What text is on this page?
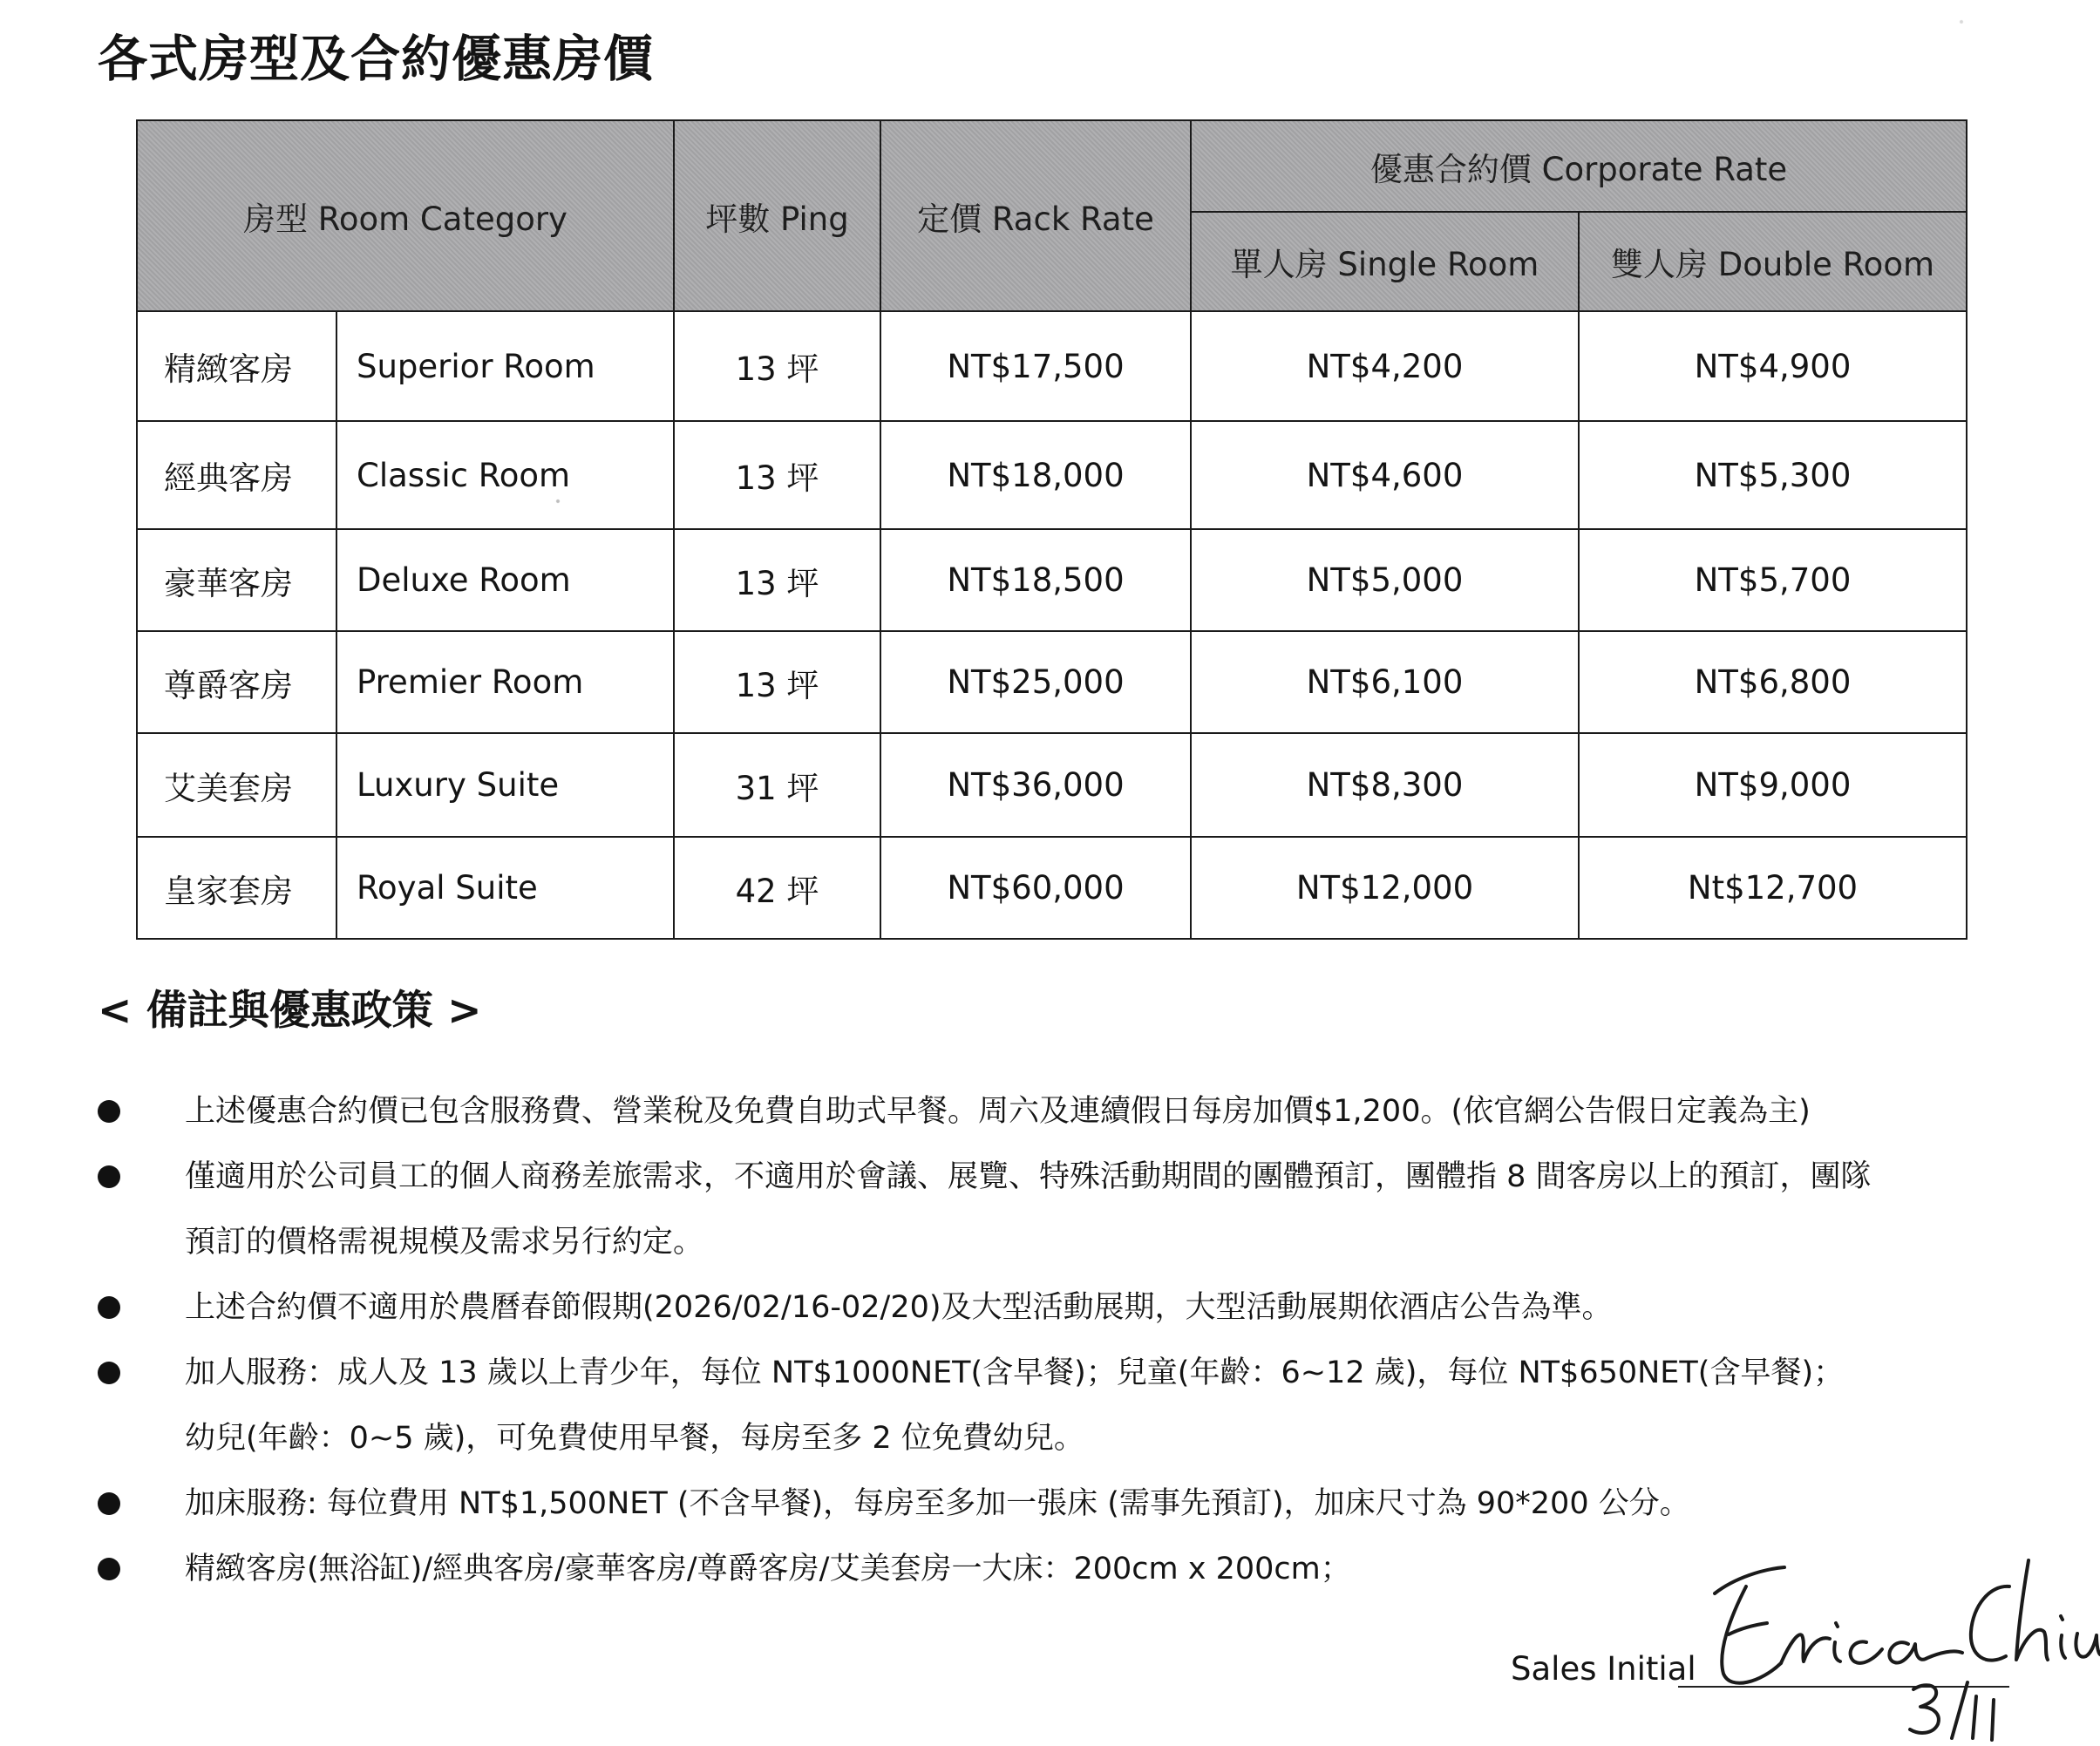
各式房型及合約優惠房價
房型 Room Category		坪數 Ping	定價 Rack Rate	優惠合約價 Corporate Rate	
				單人房 Single Room	雙人房 Double Room
精緻客房	Superior Room	13 坪	NT$17,500	NT$4,200	NT$4,900
經典客房	Classic Room	13 坪	NT$18,000	NT$4,600	NT$5,300
豪華客房	Deluxe Room	13 坪	NT$18,500	NT$5,000	NT$5,700
尊爵客房	Premier Room	13 坪	NT$25,000	NT$6,100	NT$6,800
艾美套房	Luxury Suite	31 坪	NT$36,000	NT$8,300	NT$9,000
皇家套房	Royal Suite	42 坪	NT$60,000	NT$12,000	Nt$12,700
< 備註與優惠政策 >
上述優惠合約價已包含服務費、營業稅及免費自助式早餐。周六及連續假日每房加價$1,200。(依官網公告假日定義為主)
僅適用於公司員工的個人商務差旅需求，不適用於會議、展覽、特殊活動期間的團體預訂，團體指 8 間客房以上的預訂，團隊
預訂的價格需視規模及需求另行約定。
上述合約價不適用於農曆春節假期(2026/02/16-02/20)及大型活動展期，大型活動展期依酒店公告為準。
加人服務：成人及 13 歲以上青少年，每位 NT$1000NET(含早餐)；兒童(年齡：6~12 歲)，每位 NT$650NET(含早餐)；
幼兒(年齡：0~5 歲)，可免費使用早餐，每房至多 2 位免費幼兒。
加床服務: 每位費用 NT$1,500NET (不含早餐)，每房至多加一張床 (需事先預訂)，加床尺寸為 90*200 公分。
精緻客房(無浴缸)/經典客房/豪華客房/尊爵客房/艾美套房一大床：200cm x 200cm；
Sales Initial
